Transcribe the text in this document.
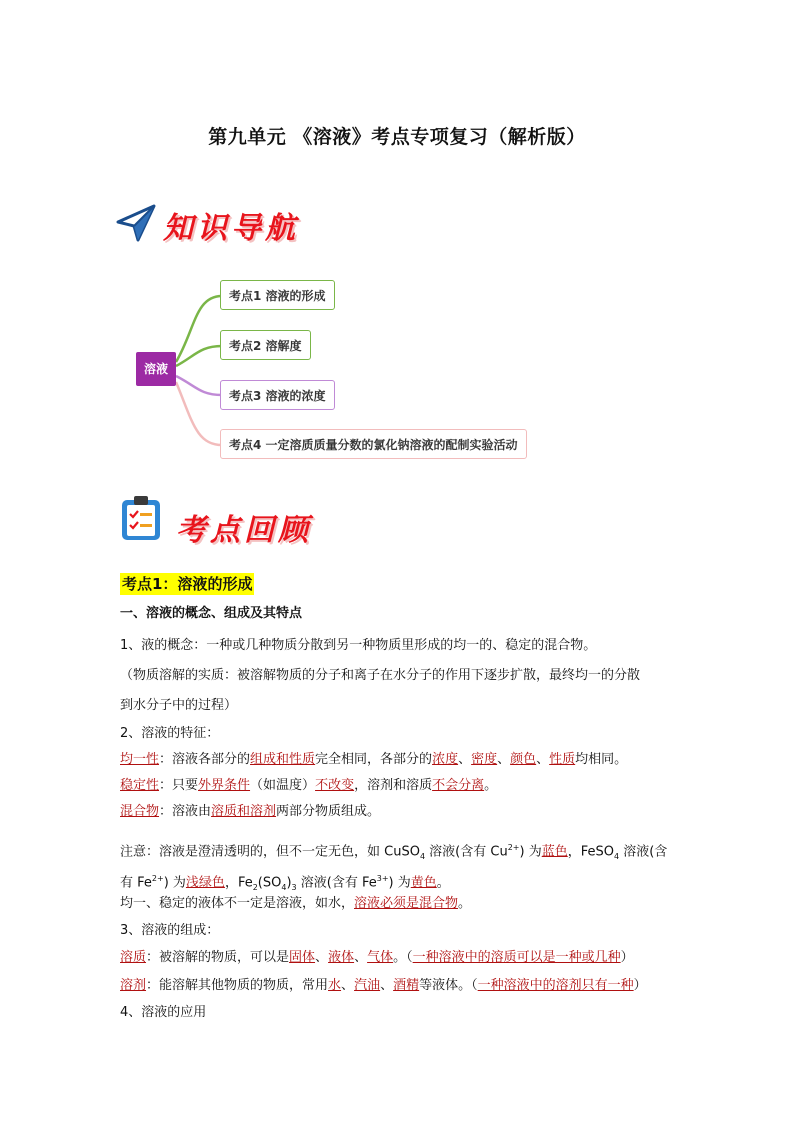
第九单元 《溶液》考点专项复习（解析版）
知识导航
溶液
考点1 溶液的形成
考点2 溶解度
考点3 溶液的浓度
考点4 一定溶质质量分数的氯化钠溶液的配制实验活动
考点回顾
考点1：溶液的形成
一、溶液的概念、组成及其特点
1、液的概念：一种或几种物质分散到另一种物质里形成的均一的、稳定的混合物。
（物质溶解的实质：被溶解物质的分子和离子在水分子的作用下逐步扩散，最终均一的分散
到水分子中的过程）
2、溶液的特征：
均一性：溶液各部分的组成和性质完全相同，各部分的浓度、密度、颜色、性质均相同。
稳定性：只要外界条件（如温度）不改变，溶剂和溶质不会分离。
混合物：溶液由溶质和溶剂两部分物质组成。
注意：溶液是澄清透明的，但不一定无色，如 CuSO$_4$ 溶液(含有 $Cu^{2+}$) 为蓝色，FeSO$_4$ 溶液(含
有 $Fe^{2+}$) 为浅绿色，$Fe_2(SO_4)_3$ 溶液(含有 $Fe^{3+}$) 为黄色。
均一、稳定的液体不一定是溶液，如水，溶液必须是混合物。
3、溶液的组成：
溶质：被溶解的物质，可以是固体、液体、气体。（一种溶液中的溶质可以是一种或几种）
溶剂：能溶解其他物质的物质，常用水、汽油、酒精等液体。（一种溶液中的溶剂只有一种）
4、溶液的应用
